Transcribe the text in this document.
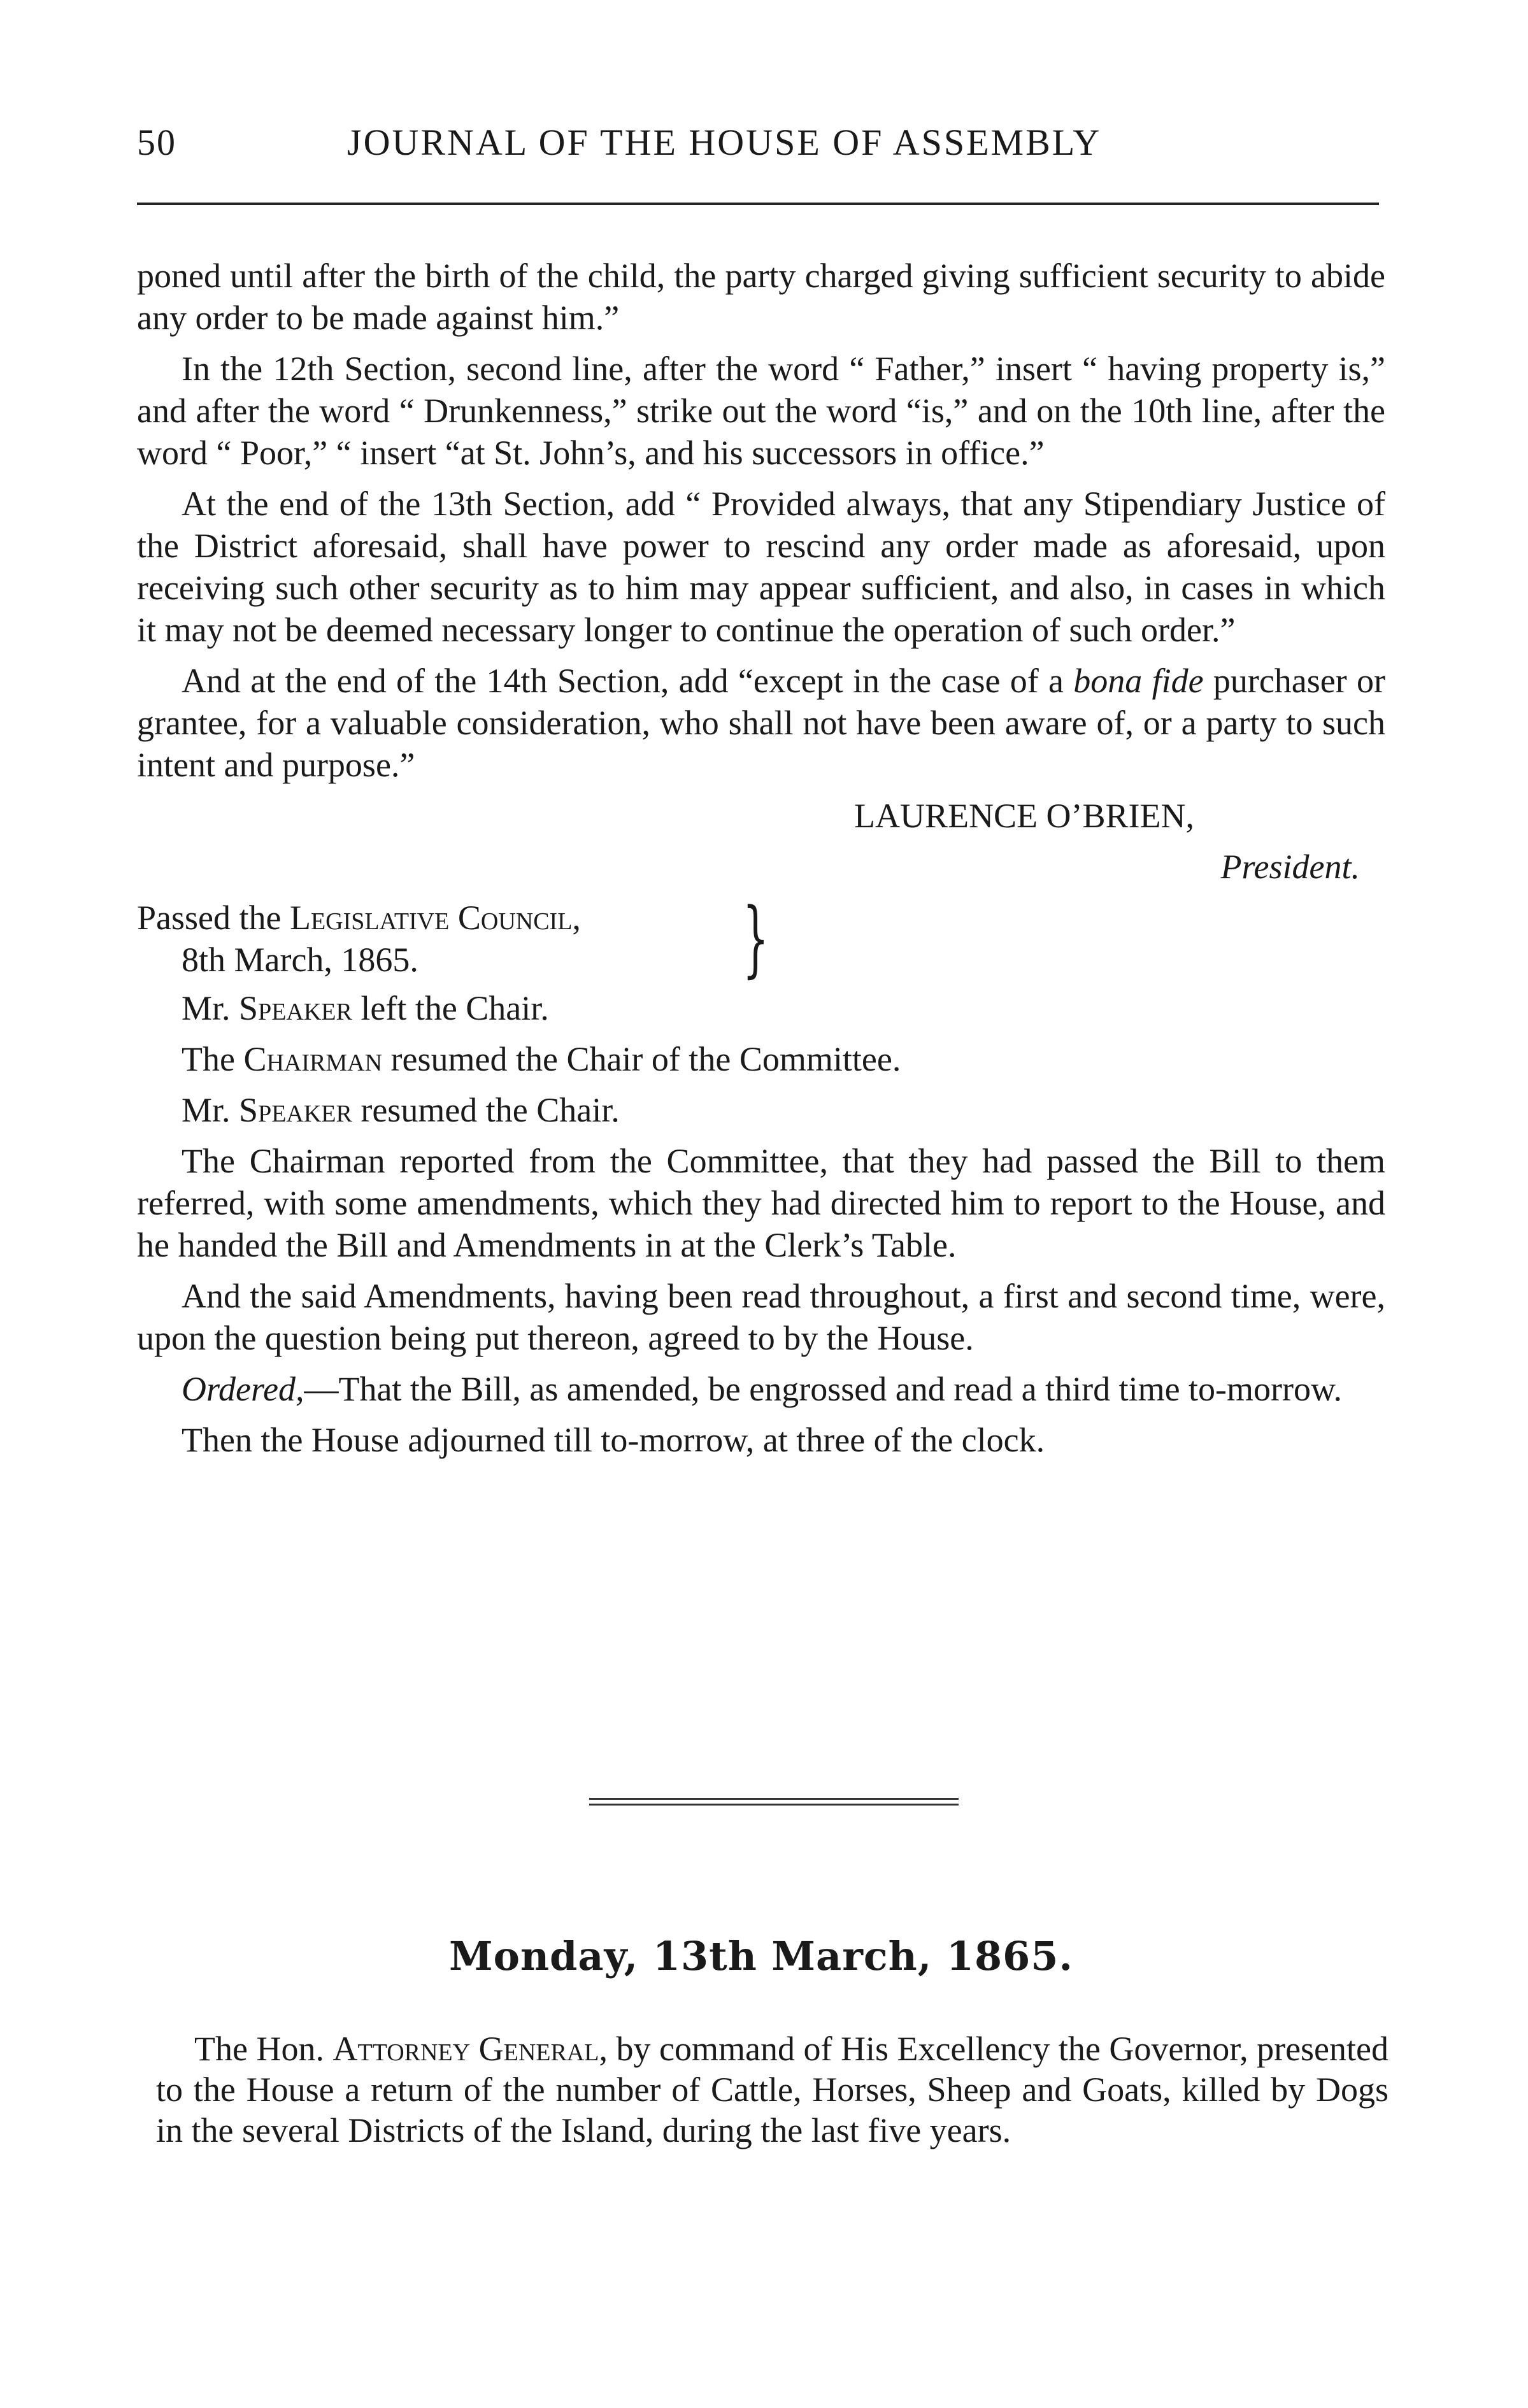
50	JOURNAL OF THE HOUSE OF ASSEMBLY

poned until after the birth of the child, the party charged giving sufficient security to abide any order to be made against him.”

In the 12th Section, second line, after the word “ Father,” insert “ having property is,” and after the word “ Drunkenness,” strike out the word “is,” and on the 10th line, after the word “ Poor,” “ insert “at St. John’s, and his successors in office.”

At the end of the 13th Section, add “ Provided always, that any Stipendiary Justice of the District aforesaid, shall have power to rescind any order made as aforesaid, upon receiving such other security as to him may appear sufficient, and also, in cases in which it may not be deemed necessary longer to continue the operation of such order.”

And at the end of the 14th Section, add “except in the case of a bona fide purchaser or grantee, for a valuable consideration, who shall not have been aware of, or a party to such intent and purpose.”

LAURENCE O’BRIEN,

President.

Passed the Legislative Council,
8th March, 1865.	}

Mr. Speaker left the Chair.

The Chairman resumed the Chair of the Committee.

Mr. Speaker resumed the Chair.

The Chairman reported from the Committee, that they had passed the Bill to them referred, with some amendments, which they had directed him to report to the House, and he handed the Bill and Amendments in at the Clerk’s Table.

And the said Amendments, having been read throughout, a first and second time, were, upon the question being put thereon, agreed to by the House.

Ordered,—That the Bill, as amended, be engrossed and read a third time to-morrow.

Then the House adjourned till to-morrow, at three of the clock.

Monday, 13th March, 1865.

The Hon. Attorney General, by command of His Excellency the Governor, presented to the House a return of the number of Cattle, Horses, Sheep and Goats, killed by Dogs in the several Districts of the Island, during the last five years.
